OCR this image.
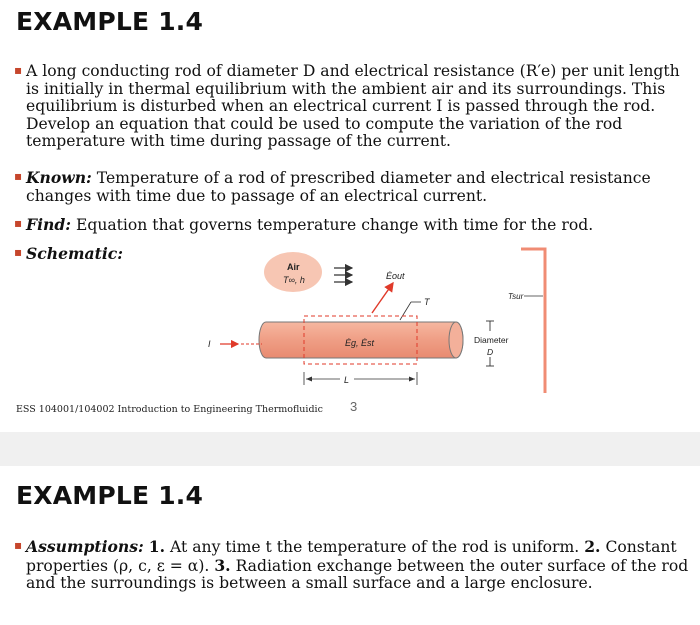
EXAMPLE 1.4
▪ A long conducting rod of diameter D and electrical resistance (R′e) per unit length is initially in thermal equilibrium with the ambient air and its surroundings. This equilibrium is disturbed when an electrical current I is passed through the rod. Develop an equation that could be used to compute the variation of the rod temperature with time during passage of the current.
▪ Known: Temperature of a rod of prescribed diameter and electrical resistance changes with time due to passage of an electrical current.
▪ Find: Equation that governs temperature change with time for the rod.
▪ Schematic:
Air
T∞, h	Ėout
T
Ėg, Ėst
I	Diameter
D
Tsur
L
ESS 104001/104002 Introduction to Engineering Thermofluidic 3
EXAMPLE 1.4
▪ Assumptions: 1. At any time t the temperature of the rod is uniform. 2. Constant properties (ρ, c, ε = α). 3. Radiation exchange between the outer surface of the rod and the surroundings is between a small surface and a large enclosure.
